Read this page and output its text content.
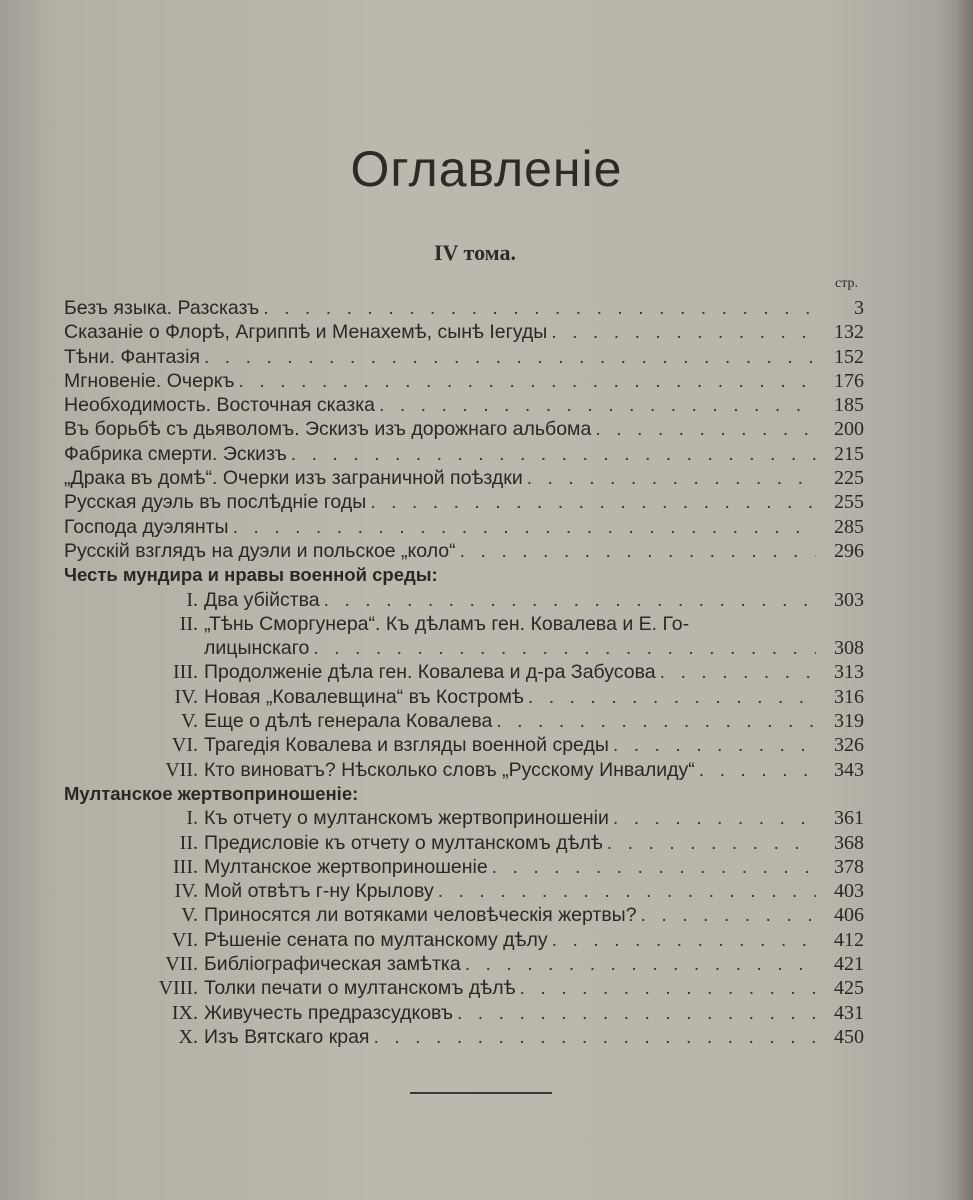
Оглавленіе
IV тома.
стр.
Безъ языка. Разсказъ . . .	3
Сказаніе о Флорѣ, Агриппѣ и Менахемѣ, сынѣ Iегуды . . .	132
Тѣни. Фантазія . . .	152
Мгновеніе. Очеркъ . . .	176
Необходимость. Восточная сказка . . .	185
Въ борьбѣ съ дьяволомъ. Эскизъ изъ дорожнаго альбома . . .	200
Фабрика смерти. Эскизъ . . .	215
„Драка въ домѣ“. Очерки изъ заграничной поѣздки . . .	225
Русская дуэль въ послѣдніе годы . . .	255
Господа дуэлянты . . .	285
Русскій взглядъ на дуэли и польское „коло“ . . .	296
Честь мундира и нравы военной среды:
I. Два убійства . . .	303
II. „Тѣнь Сморгунера“. Къ дѣламъ ген. Ковалева и Е. Го-
лицынскаго . . .	308
III. Продолженіе дѣла ген. Ковалева и д-ра Забусова . . .	313
IV. Новая „Ковалевщина“ въ Костромѣ . . .	316
V. Еще о дѣлѣ генерала Ковалева . . .	319
VI. Трагедія Ковалева и взгляды военной среды . . .	326
VII. Кто виноватъ? Нѣсколько словъ „Русскому Инвалиду“ . . .	343
Мултанское жертвоприношеніе:
I. Къ отчету о мултанскомъ жертвоприношеніи . . .	361
II. Предисловіе къ отчету о мултанскомъ дѣлѣ . . .	368
III. Мултанское жертвоприношеніе . . .	378
IV. Мой отвѣтъ г-ну Крылову . . .	403
V. Приносятся ли вотяками человѣческія жертвы? . . .	406
VI. Рѣшеніе сената по мултанскому дѣлу . . .	412
VII. Библіографическая замѣтка . . .	421
VIII. Толки печати о мултанскомъ дѣлѣ . . .	425
IX. Живучесть предразсудковъ . . .	431
X. Изъ Вятскаго края . . .	450
